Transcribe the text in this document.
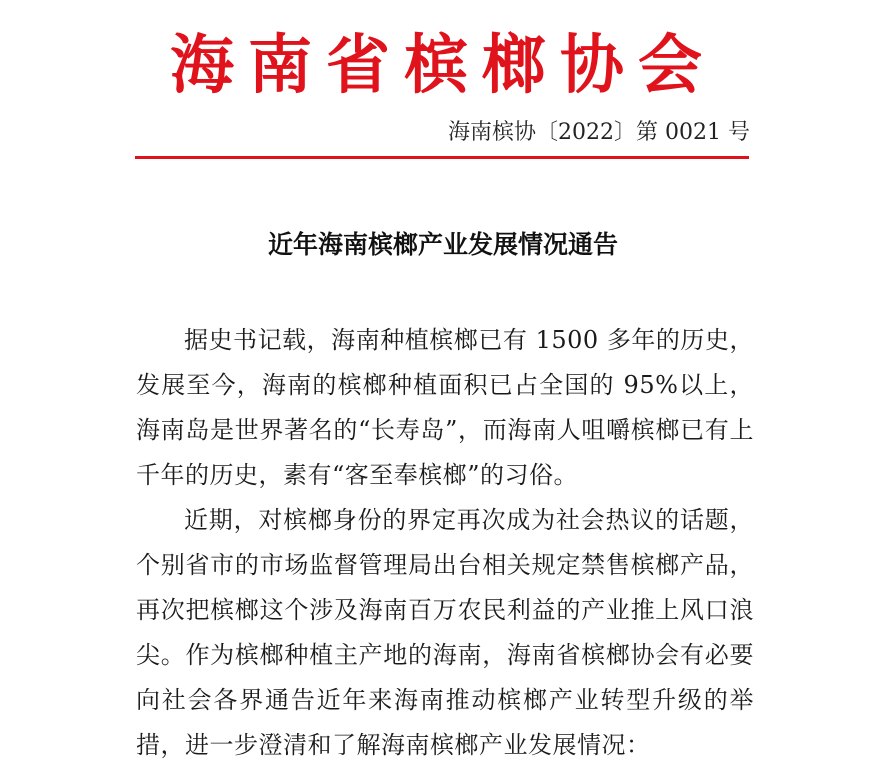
海南省槟榔协会
海南槟协〔2022〕第 0021 号
近年海南槟榔产业发展情况通告

据史书记载，海南种植槟榔已有 1500 多年的历史，发展至今，海南的槟榔种植面积已占全国的 95%以上，海南岛是世界著名的“长寿岛”，而海南人咀嚼槟榔已有上千年的历史，素有“客至奉槟榔”的习俗。

近期，对槟榔身份的界定再次成为社会热议的话题，个别省市的市场监督管理局出台相关规定禁售槟榔产品，再次把槟榔这个涉及海南百万农民利益的产业推上风口浪尖。作为槟榔种植主产地的海南，海南省槟榔协会有必要向社会各界通告近年来海南推动槟榔产业转型升级的举措，进一步澄清和了解海南槟榔产业发展情况：
